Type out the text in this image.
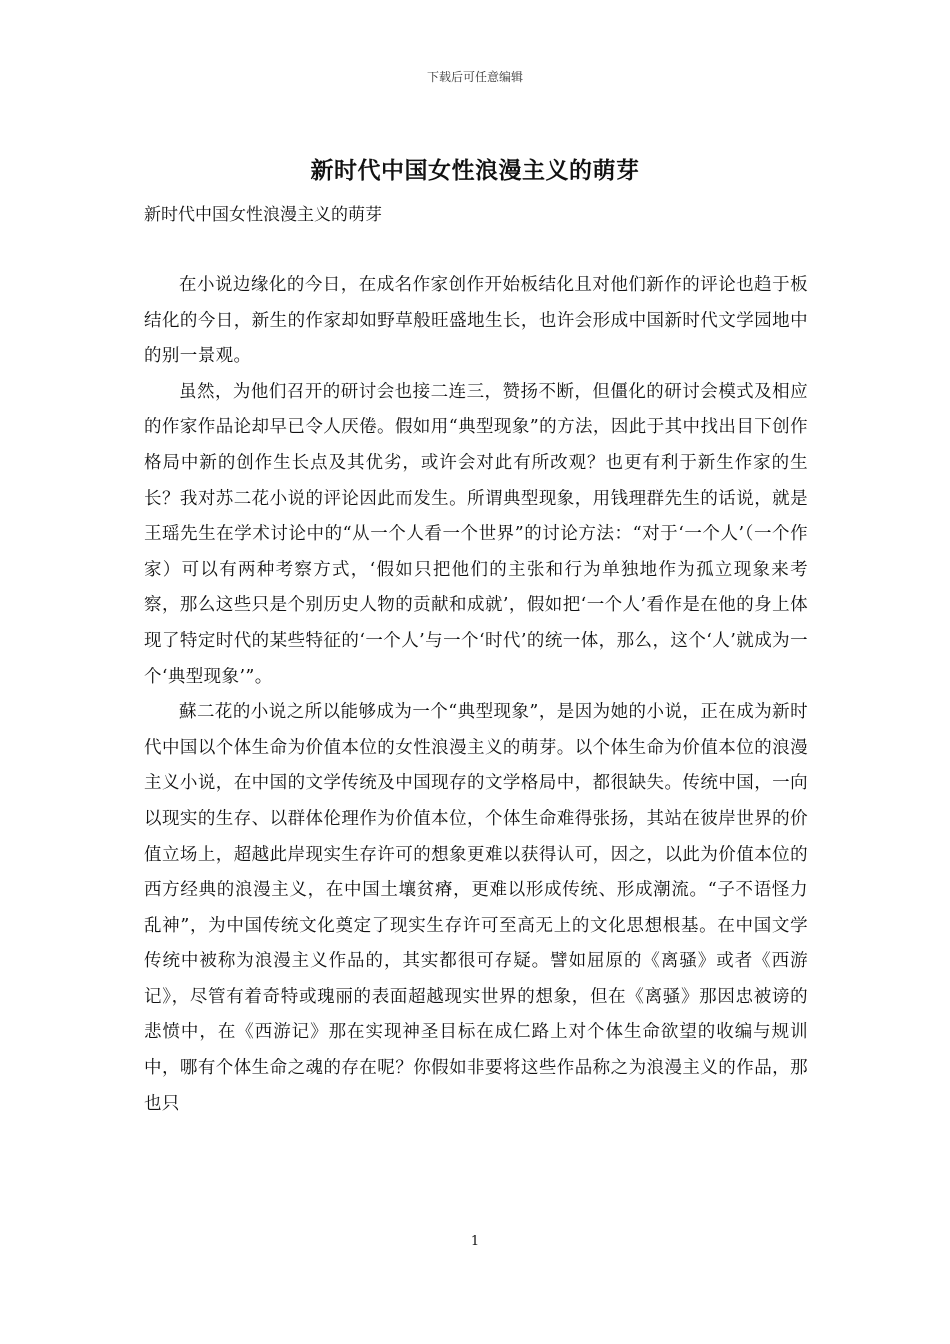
下载后可任意编辑
新时代中国女性浪漫主义的萌芽
新时代中国女性浪漫主义的萌芽

在小说边缘化的今日，在成名作家创作开始板结化且对他们新作的评论也趋于板结化的今日，新生的作家却如野草般旺盛地生长，也许会形成中国新时代文学园地中的别一景观。

虽然，为他们召开的研讨会也接二连三，赞扬不断，但僵化的研讨会模式及相应的作家作品论却早已令人厌倦。假如用“典型现象”的方法，因此于其中找出目下创作格局中新的创作生长点及其优劣，或许会对此有所改观？也更有利于新生作家的生长？我对苏二花小说的评论因此而发生。所谓典型现象，用钱理群先生的话说，就是王瑶先生在学术讨论中的“从一个人看一个世界”的讨论方法：“对于‘一个人’（一个作家）可以有两种考察方式，‘假如只把他们的主张和行为单独地作为孤立现象来考察，那么这些只是个别历史人物的贡献和成就’，假如把‘一个人’看作是在他的身上体现了特定时代的某些特征的‘一个人’与一个‘时代’的统一体，那么，这个‘人’就成为一个‘典型现象’”。

蘇二花的小说之所以能够成为一个“典型现象”，是因为她的小说，正在成为新时代中国以个体生命为价值本位的女性浪漫主义的萌芽。以个体生命为价值本位的浪漫主义小说，在中国的文学传统及中国现存的文学格局中，都很缺失。传统中国，一向以现实的生存、以群体伦理作为价值本位，个体生命难得张扬，其站在彼岸世界的价值立场上，超越此岸现实生存许可的想象更难以获得认可，因之，以此为价值本位的西方经典的浪漫主义，在中国土壤贫瘠，更难以形成传统、形成潮流。“子不语怪力乱神”，为中国传统文化奠定了现实生存许可至高无上的文化思想根基。在中国文学传统中被称为浪漫主义作品的，其实都很可存疑。譬如屈原的《离骚》或者《西游记》，尽管有着奇特或瑰丽的表面超越现实世界的想象，但在《离骚》那因忠被谤的悲愤中，在《西游记》那在实现神圣目标在成仁路上对个体生命欲望的收编与规训中，哪有个体生命之魂的存在呢？你假如非要将这些作品称之为浪漫主义的作品，那也只

1
